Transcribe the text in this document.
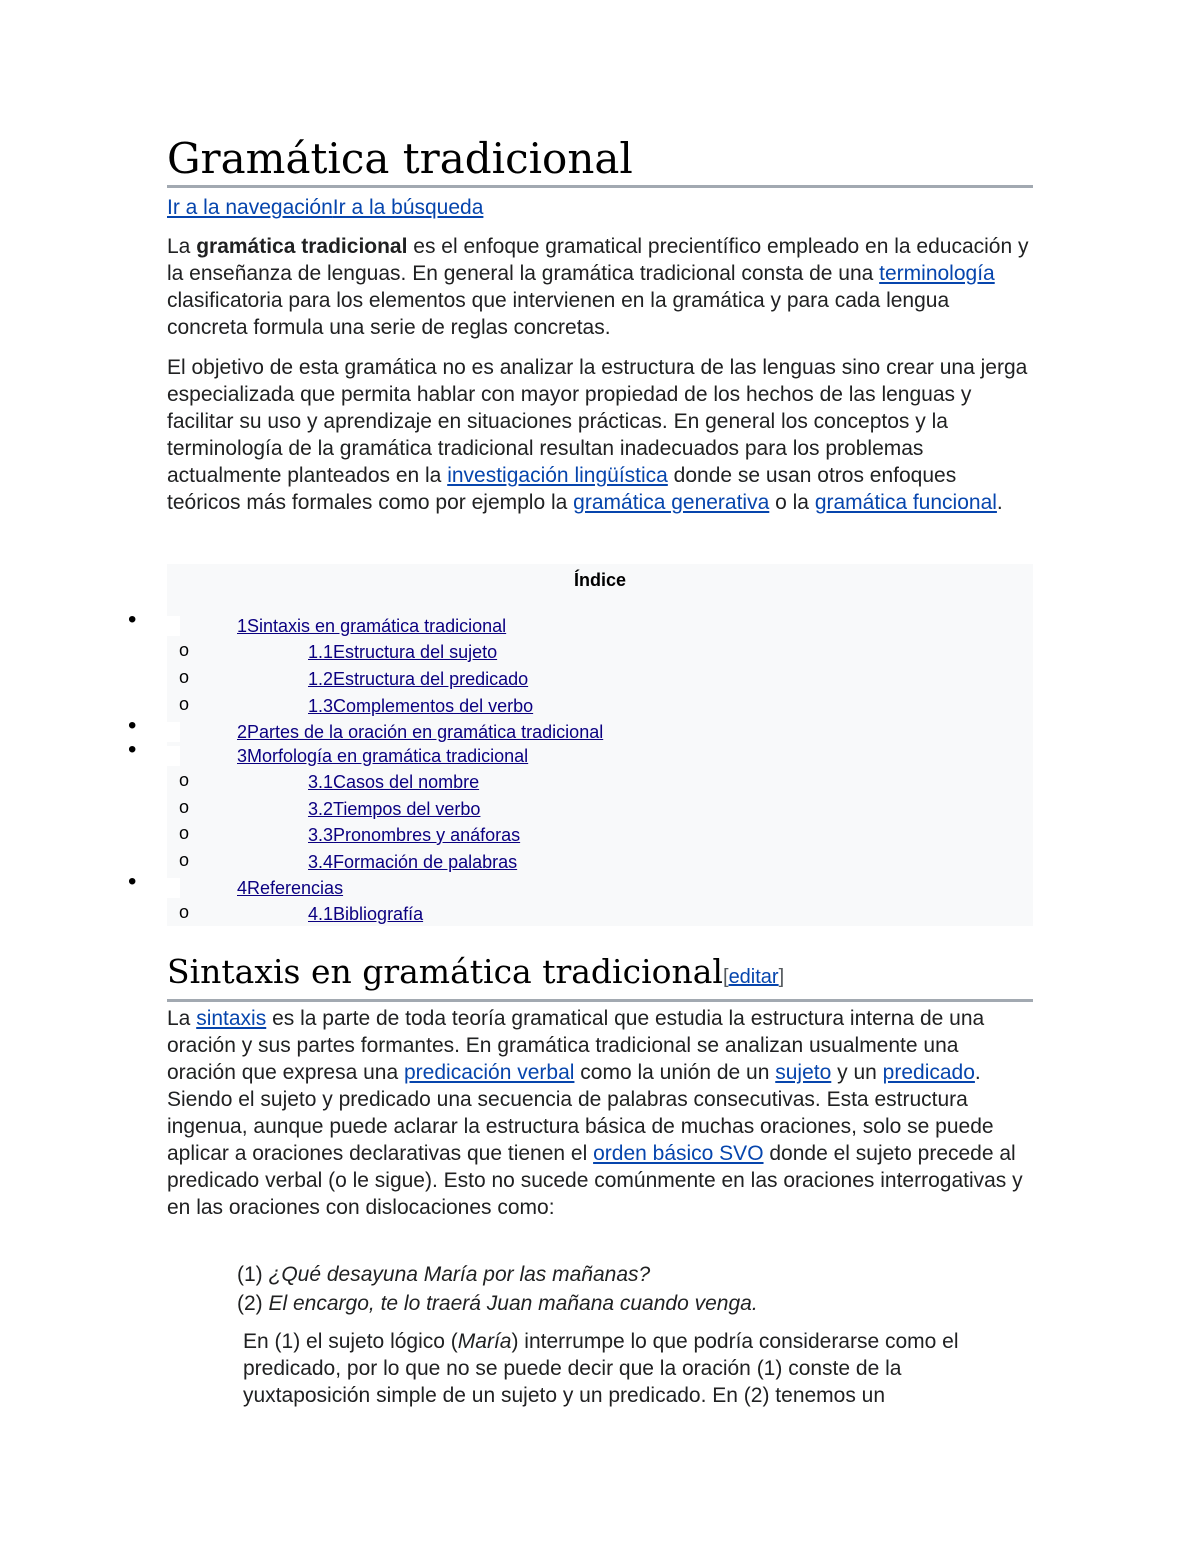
Gramática tradicional
Ir a la navegaciónIr a la búsqueda

La gramática tradicional es el enfoque gramatical precientífico empleado en la educación y la enseñanza de lenguas. En general la gramática tradicional consta de una terminología clasificatoria para los elementos que intervienen en la gramática y para cada lengua concreta formula una serie de reglas concretas.

El objetivo de esta gramática no es analizar la estructura de las lenguas sino crear una jerga especializada que permita hablar con mayor propiedad de los hechos de las lenguas y facilitar su uso y aprendizaje en situaciones prácticas. En general los conceptos y la terminología de la gramática tradicional resultan inadecuados para los problemas actualmente planteados en la investigación lingüística donde se usan otros enfoques teóricos más formales como por ejemplo la gramática generativa o la gramática funcional.

Índice
•	1Sintaxis en gramática tradicional
o	1.1Estructura del sujeto
o	1.2Estructura del predicado
o	1.3Complementos del verbo
•	2Partes de la oración en gramática tradicional
•	3Morfología en gramática tradicional
o	3.1Casos del nombre
o	3.2Tiempos del verbo
o	3.3Pronombres y anáforas
o	3.4Formación de palabras
•	4Referencias
o	4.1Bibliografía
Sintaxis en gramática tradicional[editar]

La sintaxis es la parte de toda teoría gramatical que estudia la estructura interna de una oración y sus partes formantes. En gramática tradicional se analizan usualmente una oración que expresa una predicación verbal como la unión de un sujeto y un predicado. Siendo el sujeto y predicado una secuencia de palabras consecutivas. Esta estructura ingenua, aunque puede aclarar la estructura básica de muchas oraciones, solo se puede aplicar a oraciones declarativas que tienen el orden básico SVO donde el sujeto precede al predicado verbal (o le sigue). Esto no sucede comúnmente en las oraciones interrogativas y en las oraciones con dislocaciones como:

(1) ¿Qué desayuna María por las mañanas?
(2) El encargo, te lo traerá Juan mañana cuando venga.

En (1) el sujeto lógico (María) interrumpe lo que podría considerarse como el predicado, por lo que no se puede decir que la oración (1) conste de la yuxtaposición simple de un sujeto y un predicado. En (2) tenemos un
